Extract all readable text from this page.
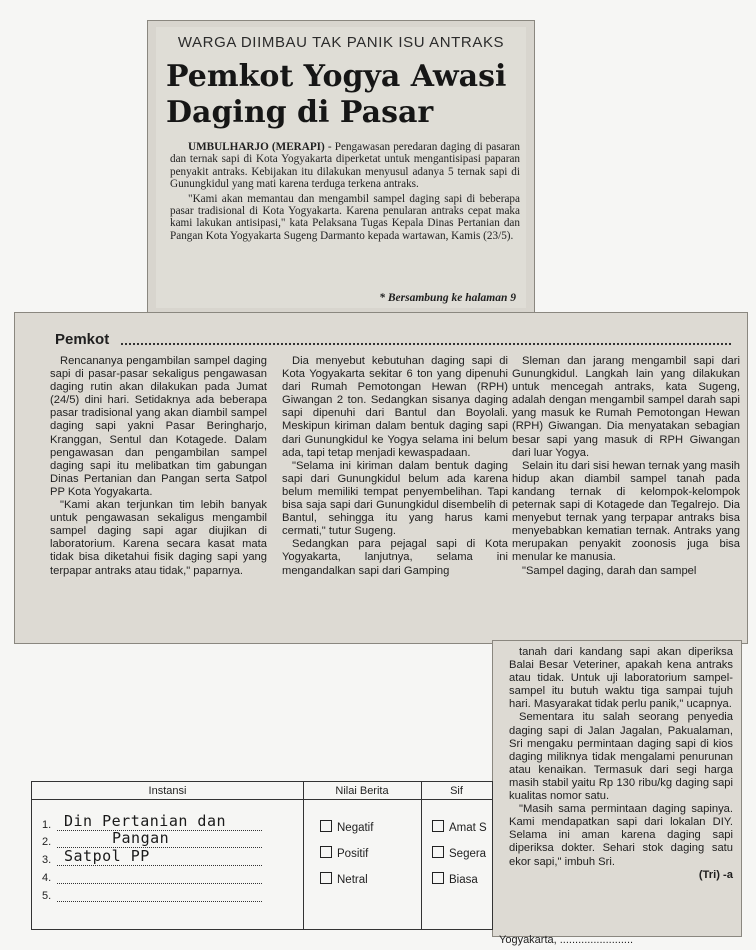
WARGA DIIMBAU TAK PANIK ISU ANTRAKS
Pemkot Yogya Awasi
Daging di Pasar

UMBULHARJO (MERAPI) - Pengawasan peredaran daging di pasaran dan ternak sapi di Kota Yogyakarta diperketat untuk mengantisipasi paparan penyakit antraks. Kebijakan itu dilakukan menyusul adanya 5 ternak sapi di Gunungkidul yang mati karena terduga terkena antraks.

"Kami akan memantau dan mengambil sampel daging sapi di beberapa pasar tradisional di Kota Yogyakarta. Karena penularan antraks cepat maka kami lakukan antisipasi," kata Pelaksana Tugas Kepala Dinas Pertanian dan Pangan Kota Yogyakarta Sugeng Darmanto kepada wartawan, Kamis (23/5).

* Bersambung ke halaman 9
Pemkot

Rencananya pengambilan sampel daging sapi di pasar-pasar sekaligus pengawasan daging rutin akan dilakukan pada Jumat (24/5) dini hari. Setidaknya ada beberapa pasar tradisional yang akan diambil sampel daging sapi yakni Pasar Beringharjo, Kranggan, Sentul dan Kotagede. Dalam pengawasan dan pengambilan sampel daging sapi itu melibatkan tim gabungan Dinas Pertanian dan Pangan serta Satpol PP Kota Yogyakarta.

"Kami akan terjunkan tim lebih banyak untuk pengawasan sekaligus mengambil sampel daging sapi agar diujikan di laboratorium. Karena secara kasat mata tidak bisa diketahui fisik daging sapi yang terpapar antraks atau tidak," paparnya.

Dia menyebut kebutuhan daging sapi di Kota Yogyakarta sekitar 6 ton yang dipenuhi dari Rumah Pemotongan Hewan (RPH) Giwangan 2 ton. Sedangkan sisanya daging sapi dipenuhi dari Bantul dan Boyolali. Meskipun kiriman dalam bentuk daging sapi dari Gunungkidul ke Yogya selama ini belum ada, tapi tetap menjadi kewaspadaan.

"Selama ini kiriman dalam bentuk daging sapi dari Gunungkidul belum ada karena belum memiliki tempat penyembelihan. Tapi bisa saja sapi dari Gunungkidul disembelih di Bantul, sehingga itu yang harus kami cermati," tutur Sugeng.

Sedangkan para pejagal sapi di Kota Yogyakarta, lanjutnya, selama ini mengandalkan sapi dari Gamping

Sleman dan jarang mengambil sapi dari Gunungkidul. Langkah lain yang dilakukan untuk mencegah antraks, kata Sugeng, adalah dengan mengambil sampel darah sapi yang masuk ke Rumah Pemotongan Hewan (RPH) Giwangan. Dia menyatakan sebagian besar sapi yang masuk di RPH Giwangan dari luar Yogya.

Selain itu dari sisi hewan ternak yang masih hidup akan diambil sampel tanah pada kandang ternak di kelompok-kelompok peternak sapi di Kotagede dan Tegalrejo. Dia menyebut ternak yang terpapar antraks bisa menyebabkan kematian ternak. Antraks yang merupakan penyakit zoonosis juga bisa menular ke manusia.

"Sampel daging, darah dan sampel

tanah dari kandang sapi akan diperiksa Balai Besar Veteriner, apakah kena antraks atau tidak. Untuk uji laboratorium sampel-sampel itu butuh waktu tiga sampai tujuh hari. Masyarakat tidak perlu panik," ucapnya.

Sementara itu salah seorang penyedia daging sapi di Jalan Jagalan, Pakualaman, Sri mengaku permintaan daging sapi di kios daging miliknya tidak mengalami penurunan atau kenaikan. Termasuk dari segi harga masih stabil yaitu Rp 130 ribu/kg daging sapi kualitas nomor satu.

"Masih sama permintaan daging sapinya. Kami mendapatkan sapi dari lokalan DIY. Selama ini aman karena daging sapi diperiksa dokter. Sehari stok daging satu ekor sapi," imbuh Sri.

(Tri) -a
Instansi	Nilai Berita	Sif
1.
2.
3.
4.
5.
Din Pertanian dan
Pangan
Satpol PP
Negatif
Positif
Netral
Amat S
Segera
Biasa
Yogyakarta, ........................
